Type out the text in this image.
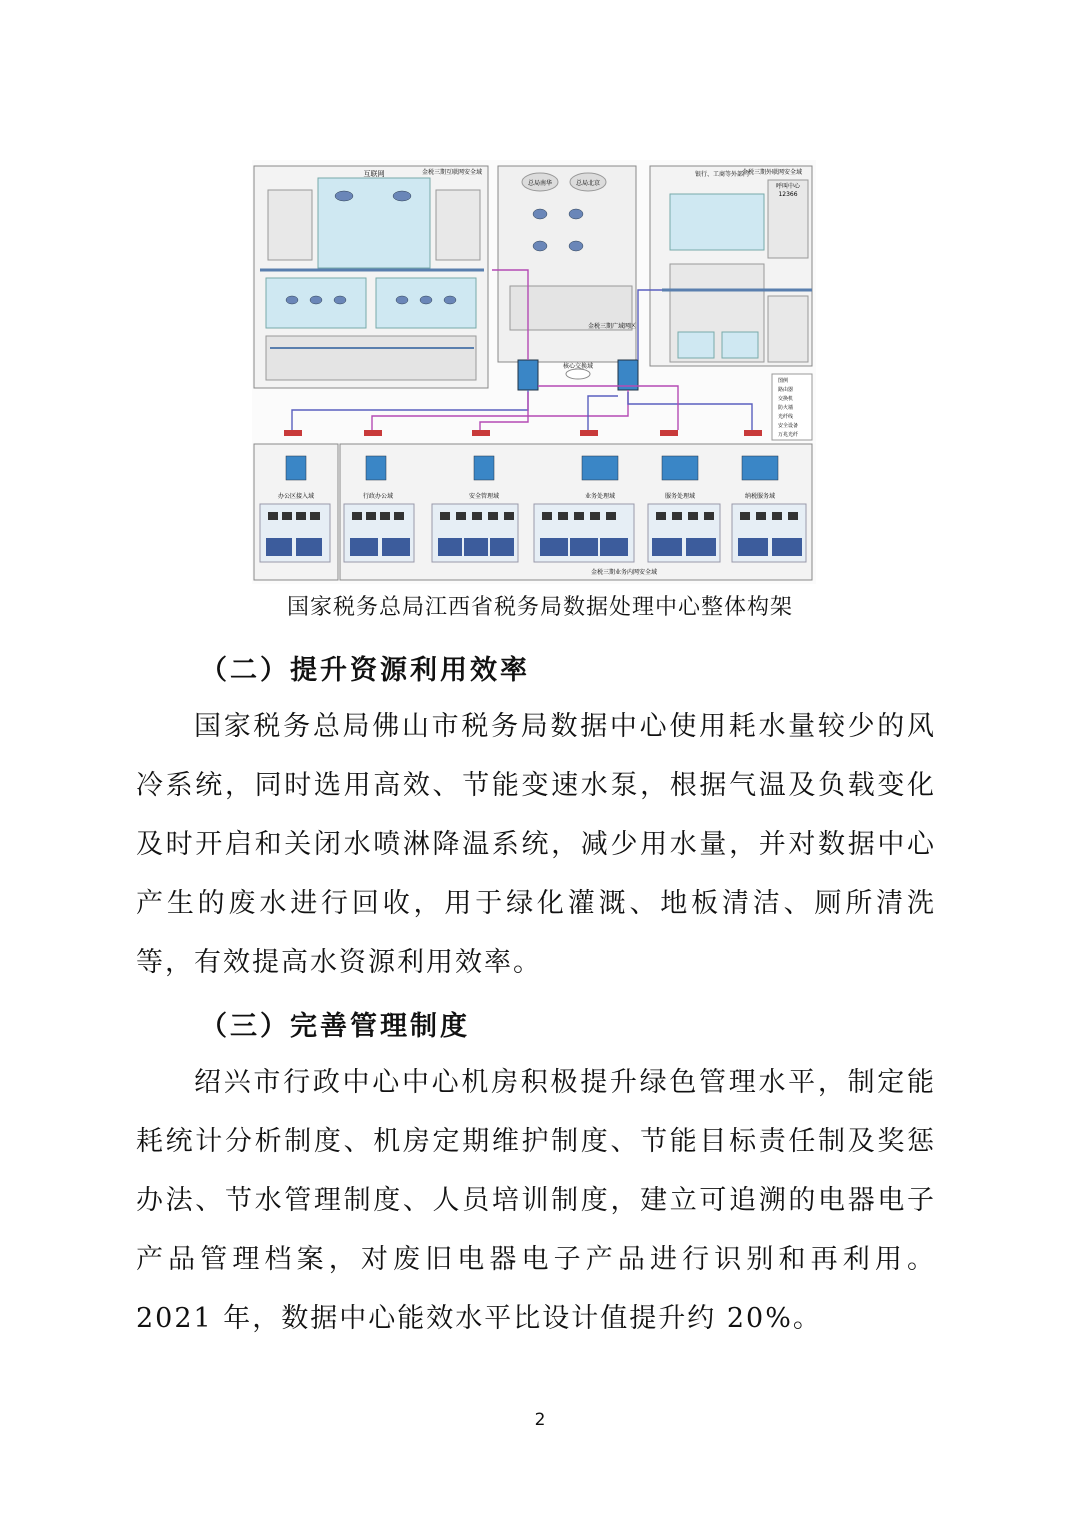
互联网	金税三期互联网安全域
总局南华	总局北京
金税三期广域网区
银行、工商等外部门
金税三期外联网安全域
呼叫中心
12366
核心交换域
办公区接入域	行政办公域	安全管理域	业务处理域	服务处理域	纳税服务域
金税三期业务内网安全域
图例
路由器
交换机
防火墙
光纤线
安全设备
万兆光纤
国家税务总局江西省税务局数据处理中心整体构架
（二）提升资源利用效率
国家税务总局佛山市税务局数据中心使用耗水量较少的风冷系统，同时选用高效、节能变速水泵，根据气温及负载变化及时开启和关闭水喷淋降温系统，减少用水量，并对数据中心产生的废水进行回收，用于绿化灌溉、地板清洁、厕所清洗等，有效提高水资源利用效率。
（三）完善管理制度
绍兴市行政中心中心机房积极提升绿色管理水平，制定能耗统计分析制度、机房定期维护制度、节能目标责任制及奖惩办法、节水管理制度、人员培训制度，建立可追溯的电器电子产品管理档案，对废旧电器电子产品进行识别和再利用。2021 年，数据中心能效水平比设计值提升约 20%。
2
